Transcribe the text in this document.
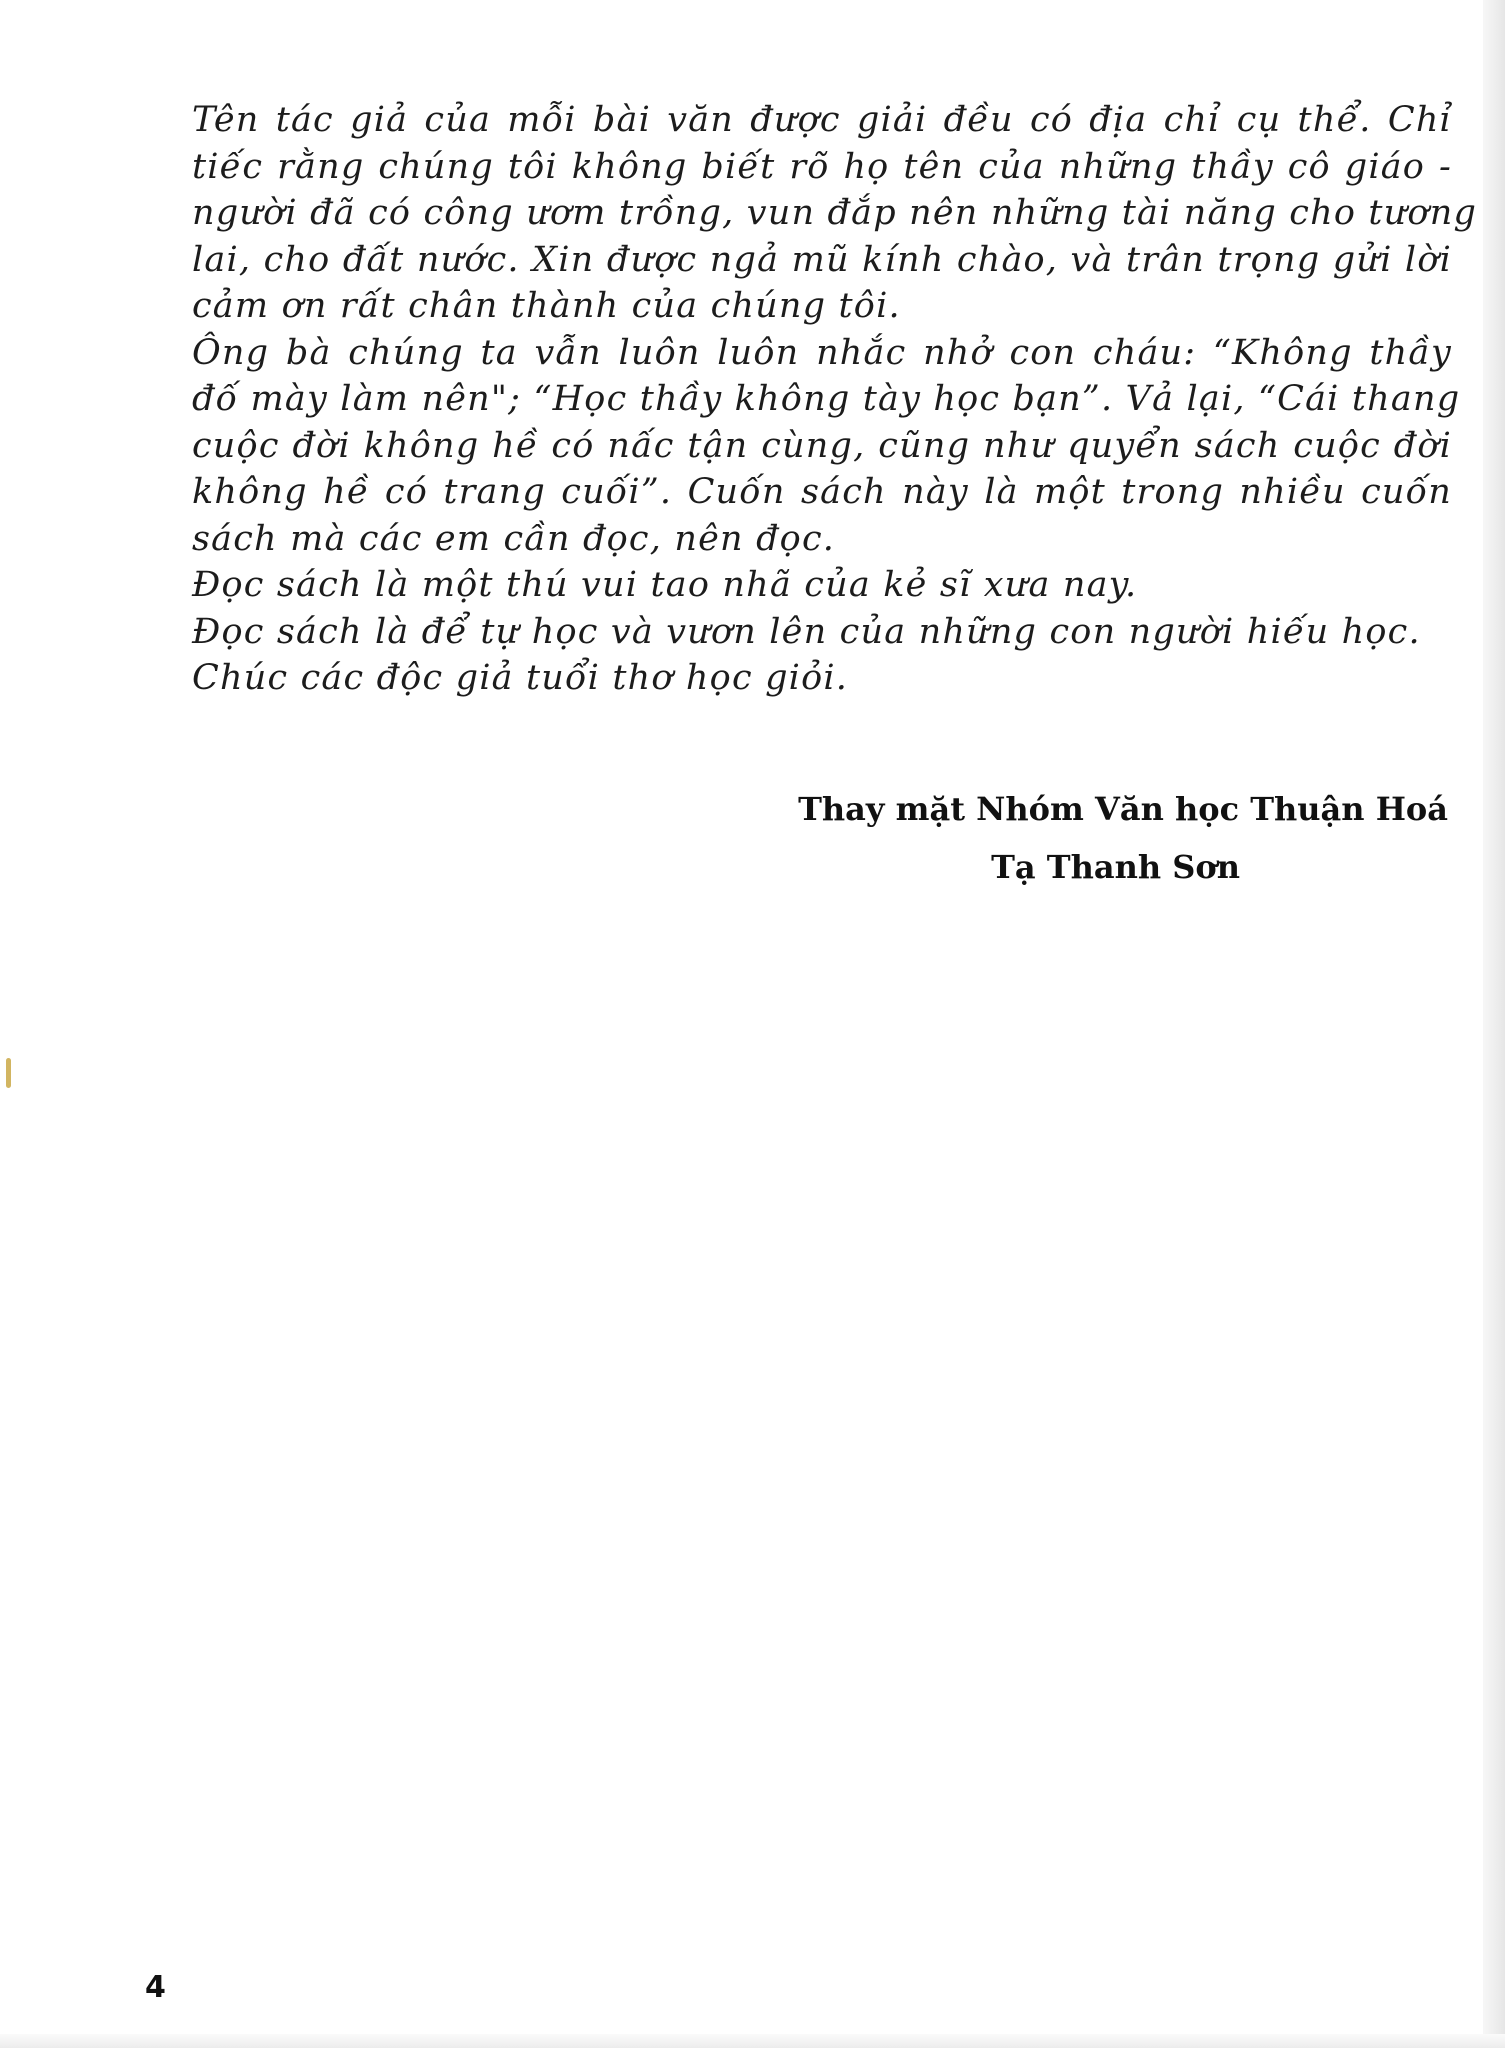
Tên tác giả của mỗi bài văn được giải đều có địa chỉ cụ thể. Chỉ
tiếc rằng chúng tôi không biết rõ họ tên của những thầy cô giáo -
người đã có công ươm trồng, vun đắp nên những tài năng cho tương
lai, cho đất nước. Xin được ngả mũ kính chào, và trân trọng gửi lời
cảm ơn rất chân thành của chúng tôi.

Ông bà chúng ta vẫn luôn luôn nhắc nhở con cháu: “Không thầy
đố mày làm nên"; “Học thầy không tày học bạn”. Vả lại, “Cái thang
cuộc đời không hề có nấc tận cùng, cũng như quyển sách cuộc đời
không hề có trang cuối”. Cuốn sách này là một trong nhiều cuốn
sách mà các em cần đọc, nên đọc.

Đọc sách là một thú vui tao nhã của kẻ sĩ xưa nay.

Đọc sách là để tự học và vươn lên của những con người hiếu học.

Chúc các độc giả tuổi thơ học giỏi.

Thay mặt Nhóm Văn học Thuận Hoá
Tạ Thanh Sơn
4
